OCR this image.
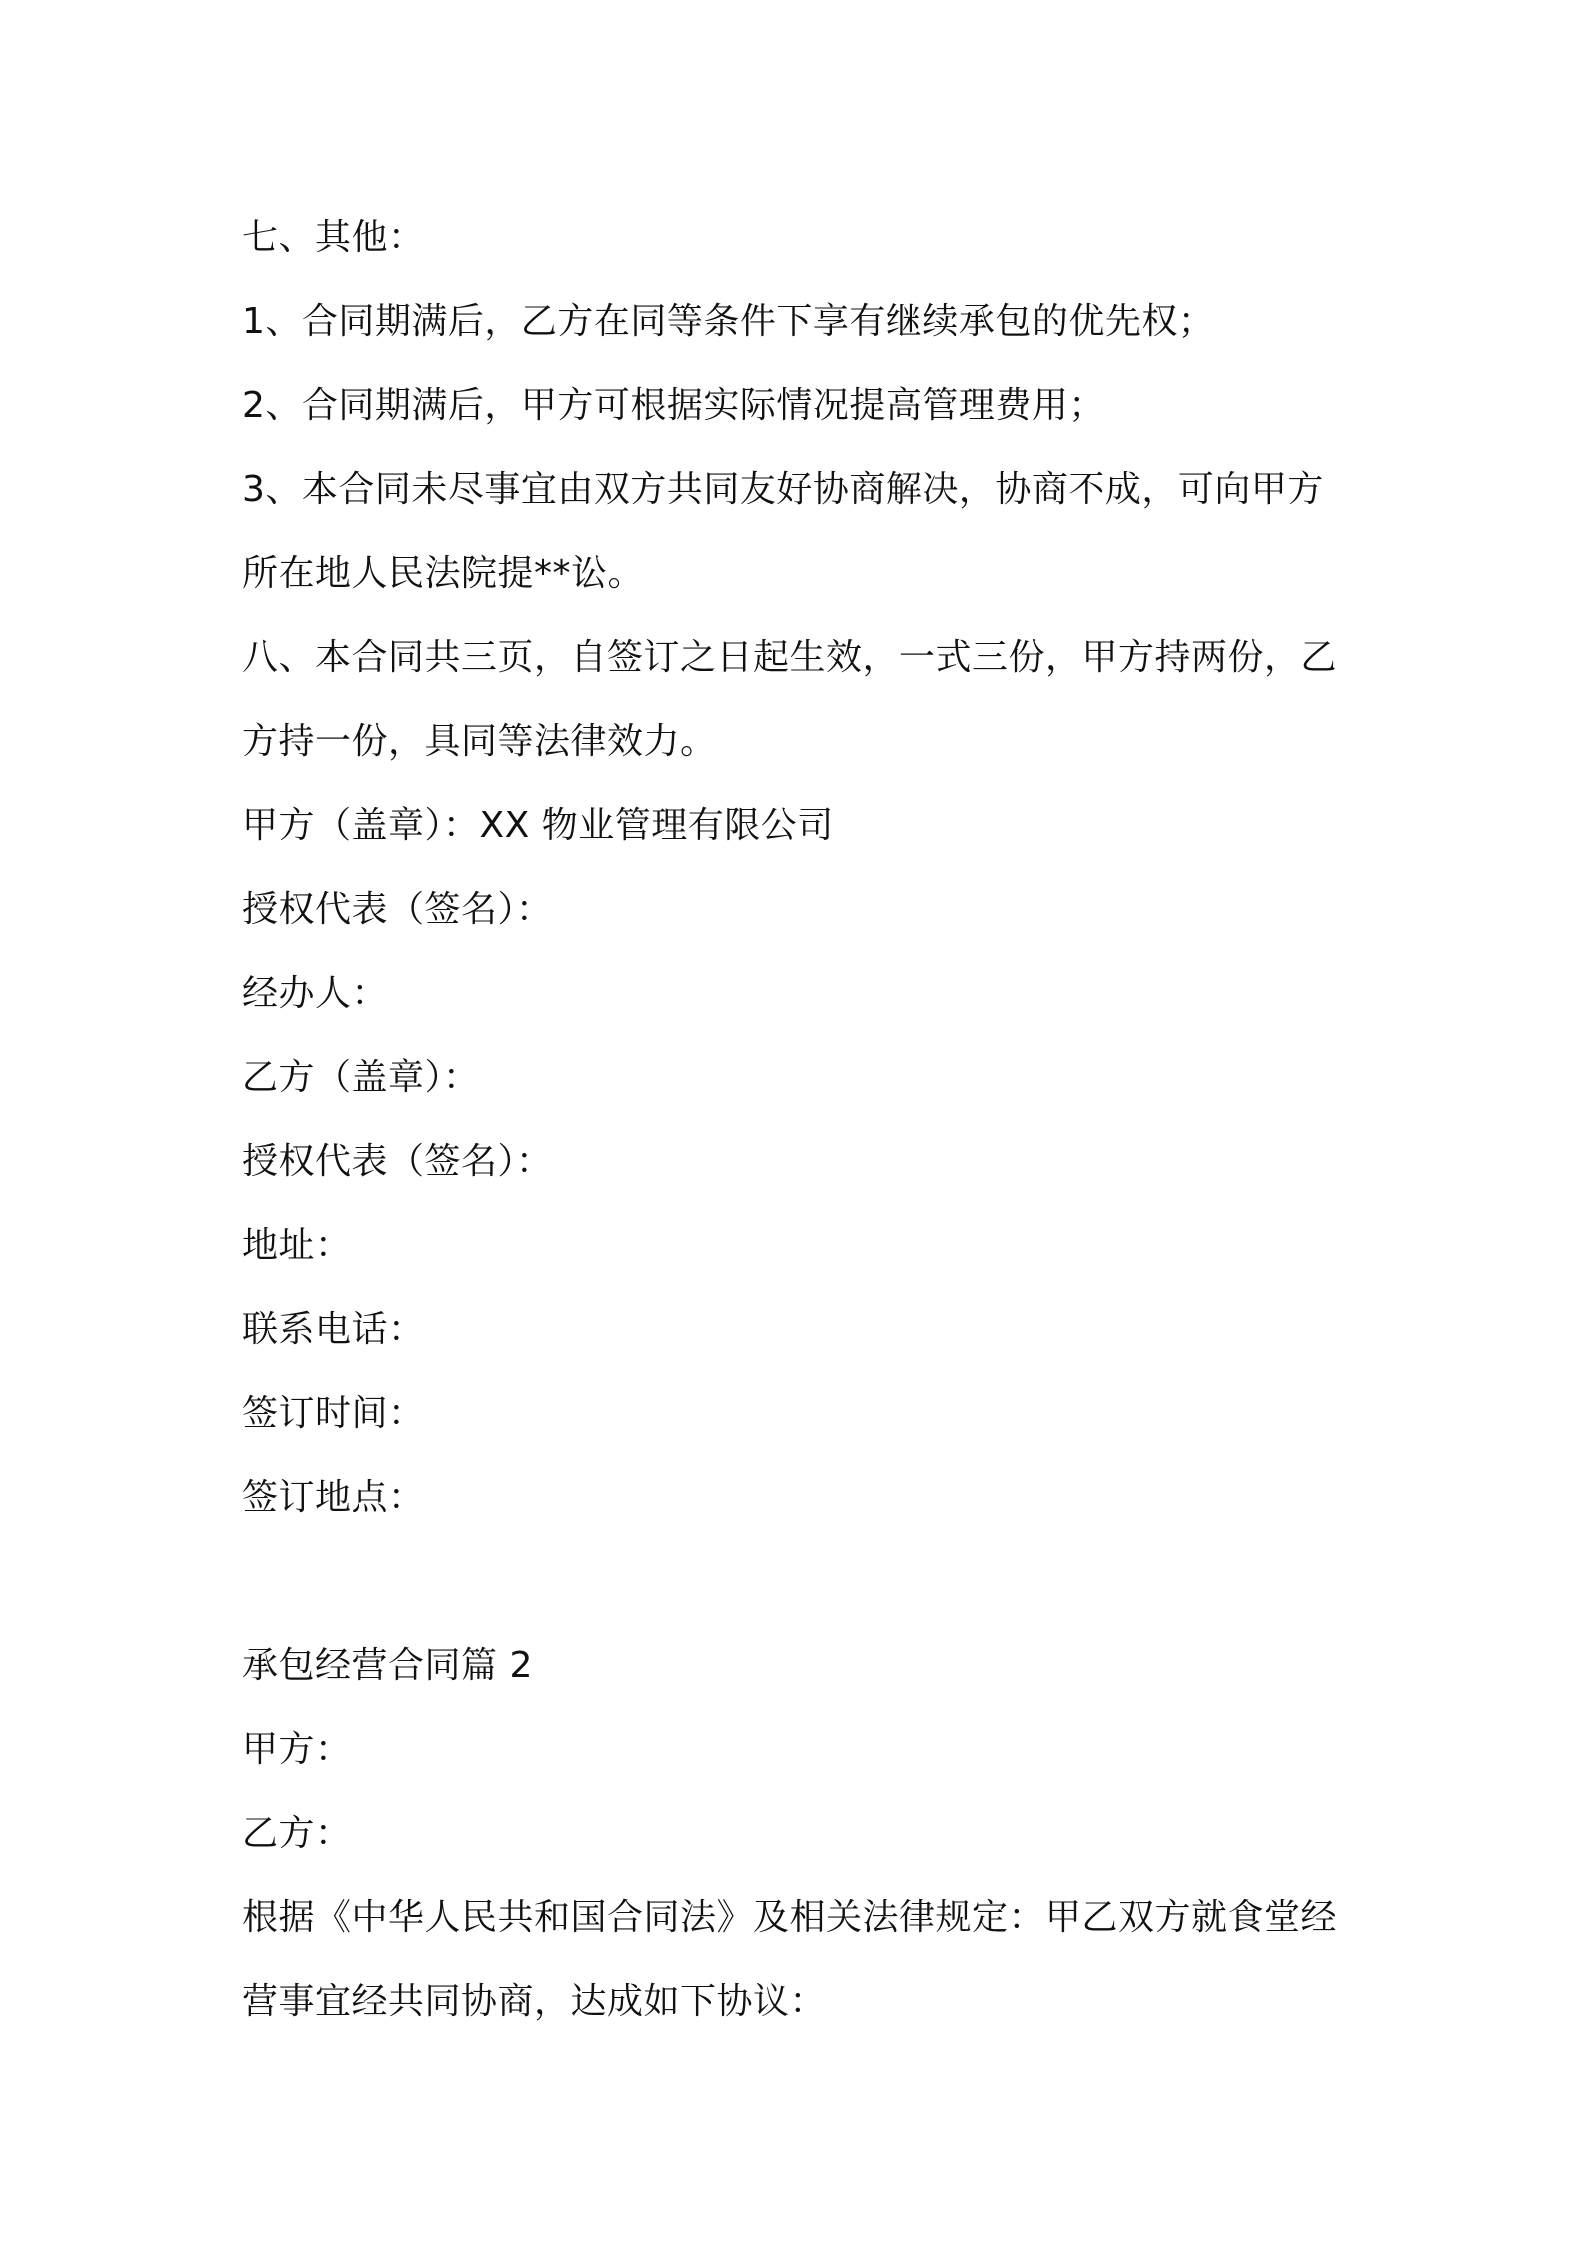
七、其他：
1、合同期满后，乙方在同等条件下享有继续承包的优先权；
2、合同期满后，甲方可根据实际情况提高管理费用；
3、本合同未尽事宜由双方共同友好协商解决，协商不成，可向甲方
所在地人民法院提**讼。
八、本合同共三页，自签订之日起生效，一式三份，甲方持两份，乙
方持一份，具同等法律效力。
甲方（盖章）：XX 物业管理有限公司
授权代表（签名）：
经办人：
乙方（盖章）：
授权代表（签名）：
地址：
联系电话：
签订时间：
签订地点：
承包经营合同篇 2
甲方：
乙方：
根据《中华人民共和国合同法》及相关法律规定：甲乙双方就食堂经
营事宜经共同协商，达成如下协议：
